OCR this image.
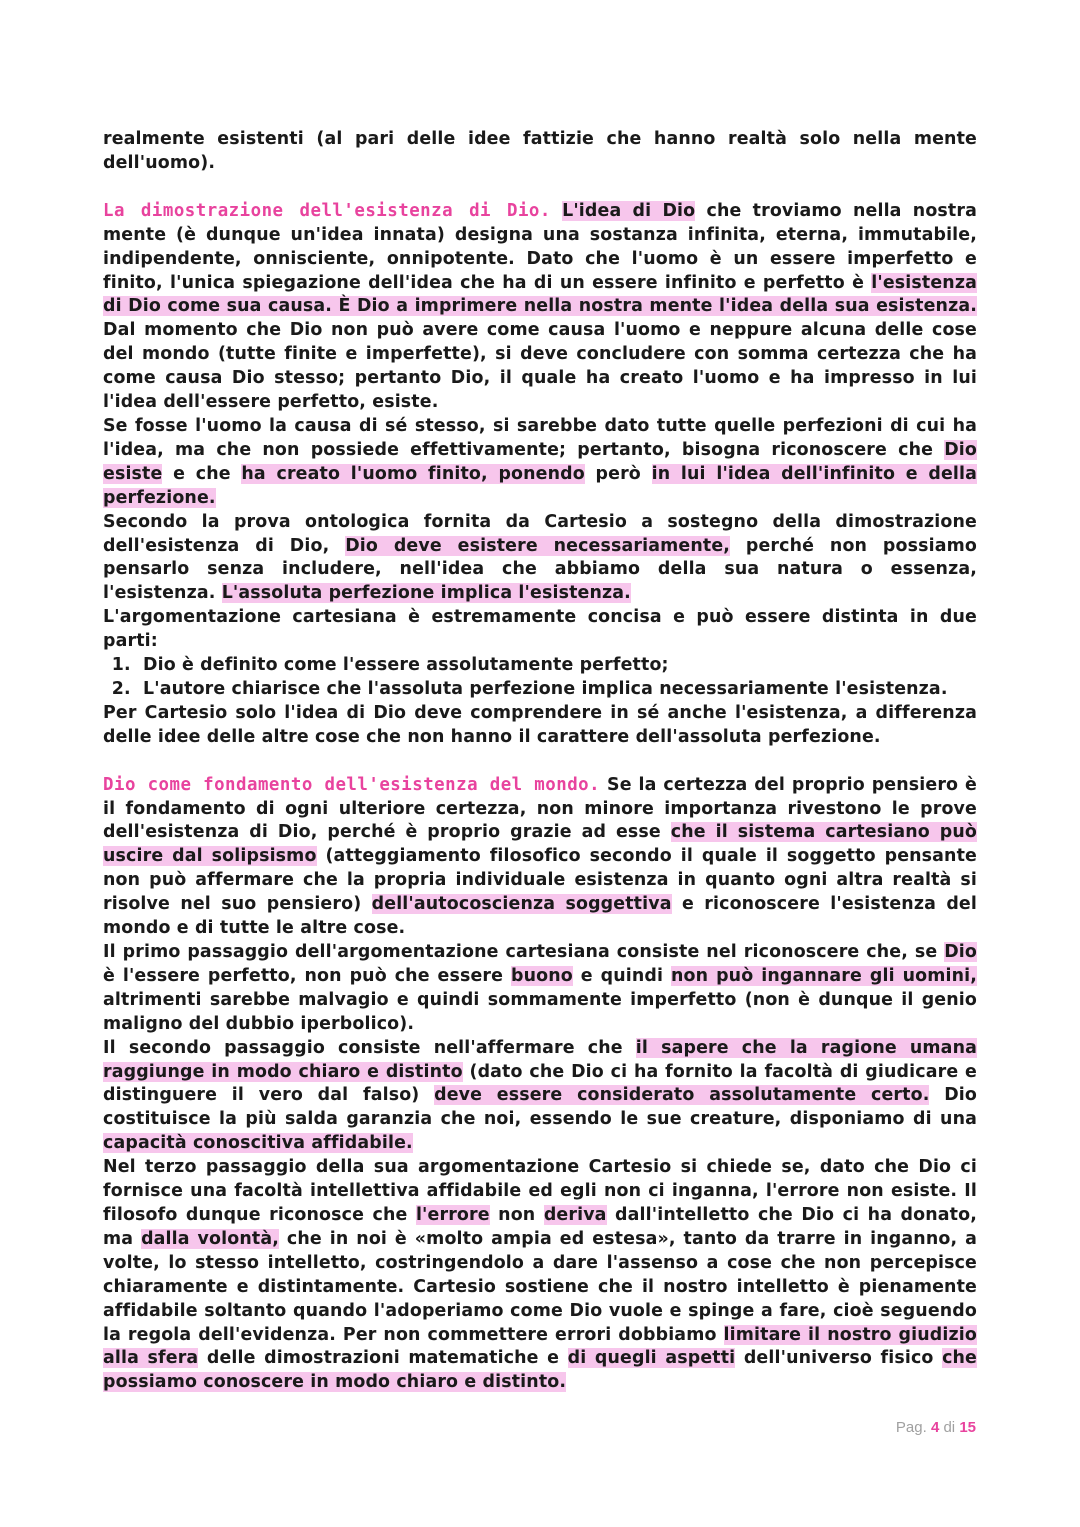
realmente esistenti (al pari delle idee fattizie che hanno realtà solo nella mente dell'uomo).

La dimostrazione dell'esistenza di Dio. L'idea di Dio che troviamo nella nostra mente (è dunque un'idea innata) designa una sostanza infinita, eterna, immutabile, indipendente, onnisciente, onnipotente. Dato che l'uomo è un essere imperfetto e finito, l'unica spiegazione dell'idea che ha di un essere infinito e perfetto è l'esistenza di Dio come sua causa. È Dio a imprimere nella nostra mente l'idea della sua esistenza. Dal momento che Dio non può avere come causa l'uomo e neppure alcuna delle cose del mondo (tutte finite e imperfette), si deve concludere con somma certezza che ha come causa Dio stesso; pertanto Dio, il quale ha creato l'uomo e ha impresso in lui l'idea dell'essere perfetto, esiste.

Se fosse l'uomo la causa di sé stesso, si sarebbe dato tutte quelle perfezioni di cui ha l'idea, ma che non possiede effettivamente; pertanto, bisogna riconoscere che Dio esiste e che ha creato l'uomo finito, ponendo però in lui l'idea dell'infinito e della perfezione.

Secondo la prova ontologica fornita da Cartesio a sostegno della dimostrazione dell'esistenza di Dio, Dio deve esistere necessariamente, perché non possiamo pensarlo senza includere, nell'idea che abbiamo della sua natura o essenza, l'esistenza. L'assoluta perfezione implica l'esistenza.

L'argomentazione cartesiana è estremamente concisa e può essere distinta in due parti:

1. Dio è definito come l'essere assolutamente perfetto;
2. L'autore chiarisce che l'assoluta perfezione implica necessariamente l'esistenza.

Per Cartesio solo l'idea di Dio deve comprendere in sé anche l'esistenza, a differenza delle idee delle altre cose che non hanno il carattere dell'assoluta perfezione.

Dio come fondamento dell'esistenza del mondo. Se la certezza del proprio pensiero è il fondamento di ogni ulteriore certezza, non minore importanza rivestono le prove dell'esistenza di Dio, perché è proprio grazie ad esse che il sistema cartesiano può uscire dal solipsismo (atteggiamento filosofico secondo il quale il soggetto pensante non può affermare che la propria individuale esistenza in quanto ogni altra realtà si risolve nel suo pensiero) dell'autocoscienza soggettiva e riconoscere l'esistenza del mondo e di tutte le altre cose.

Il primo passaggio dell'argomentazione cartesiana consiste nel riconoscere che, se Dio è l'essere perfetto, non può che essere buono e quindi non può ingannare gli uomini, altrimenti sarebbe malvagio e quindi sommamente imperfetto (non è dunque il genio maligno del dubbio iperbolico).

Il secondo passaggio consiste nell'affermare che il sapere che la ragione umana raggiunge in modo chiaro e distinto (dato che Dio ci ha fornito la facoltà di giudicare e distinguere il vero dal falso) deve essere considerato assolutamente certo. Dio costituisce la più salda garanzia che noi, essendo le sue creature, disponiamo di una capacità conoscitiva affidabile.

Nel terzo passaggio della sua argomentazione Cartesio si chiede se, dato che Dio ci fornisce una facoltà intellettiva affidabile ed egli non ci inganna, l'errore non esiste. Il filosofo dunque riconosce che l'errore non deriva dall'intelletto che Dio ci ha donato, ma dalla volontà, che in noi è «molto ampia ed estesa», tanto da trarre in inganno, a volte, lo stesso intelletto, costringendolo a dare l'assenso a cose che non percepisce chiaramente e distintamente. Cartesio sostiene che il nostro intelletto è pienamente affidabile soltanto quando l'adoperiamo come Dio vuole e spinge a fare, cioè seguendo la regola dell'evidenza. Per non commettere errori dobbiamo limitare il nostro giudizio alla sfera delle dimostrazioni matematiche e di quegli aspetti dell'universo fisico che possiamo conoscere in modo chiaro e distinto.

Pag. 4 di 15
